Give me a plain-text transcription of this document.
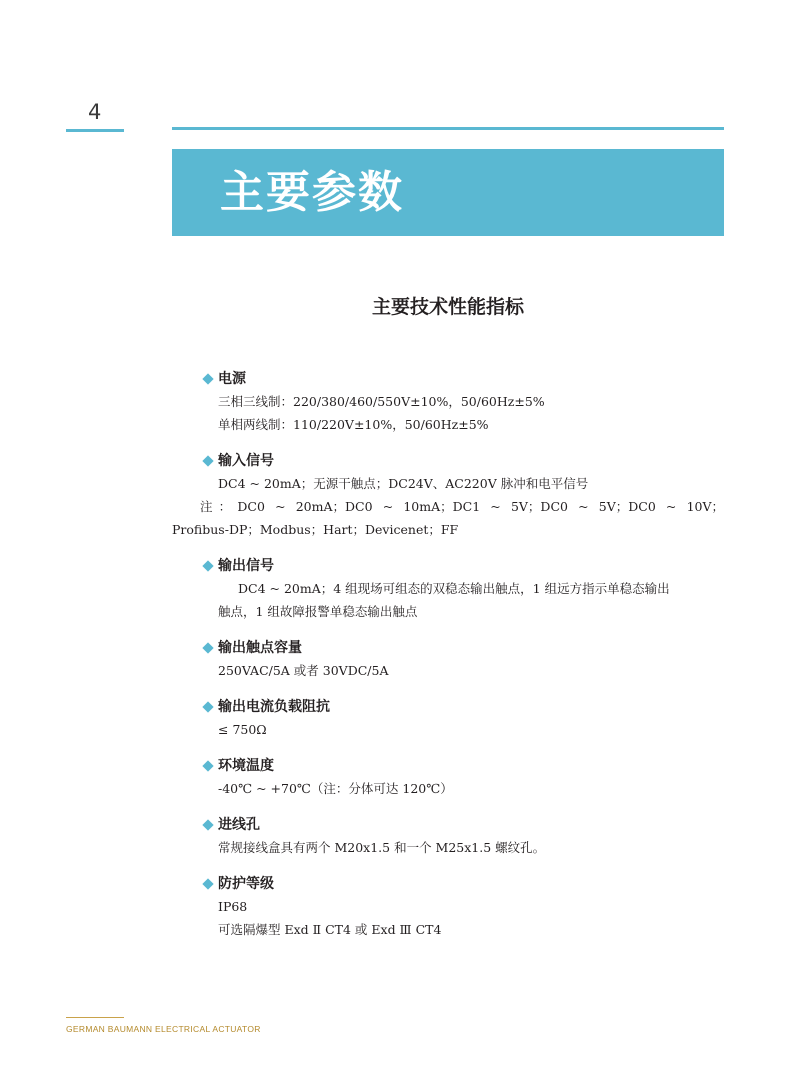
4
主要参数
主要技术性能指标
电源
三相三线制：220/380/460/550V±10%，50/60Hz±5%
单相两线制：110/220V±10%，50/60Hz±5%
输入信号
DC4 ~ 20mA；无源干触点；DC24V、AC220V 脉冲和电平信号
注：DC0 ~ 20mA；DC0 ~ 10mA；DC1 ~ 5V；DC0 ~ 5V；DC0 ~ 10V；
Profibus-DP；Modbus；Hart；Devicenet；FF
输出信号
DC4 ~ 20mA；4 组现场可组态的双稳态输出触点，1 组远方指示单稳态输出
触点，1 组故障报警单稳态输出触点
输出触点容量
250VAC/5A 或者 30VDC/5A
输出电流负载阻抗
≤ 750Ω
环境温度
-40℃ ~ +70℃（注：分体可达 120℃）
进线孔
常规接线盒具有两个 M20x1.5 和一个 M25x1.5 螺纹孔。
防护等级
IP68
可选隔爆型 Exd Ⅱ CT4 或 Exd Ⅲ CT4
GERMAN BAUMANN ELECTRICAL ACTUATOR
